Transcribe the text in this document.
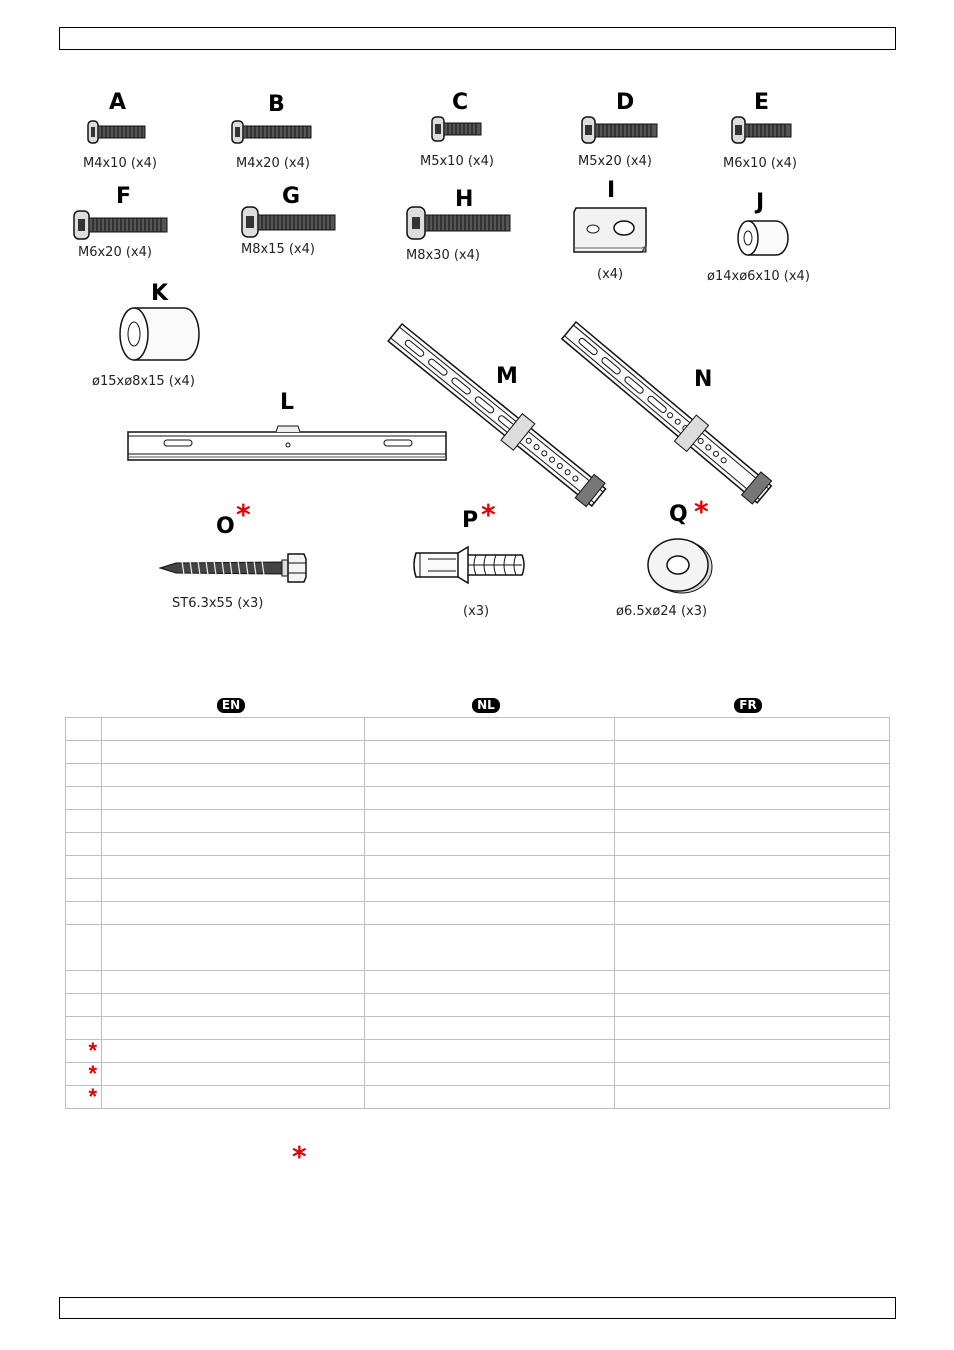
A
M4x10 (x4)
B
M4x20 (x4)
C
M5x10 (x4)
D
M5x20 (x4)
E
M6x10 (x4)
F
M6x20 (x4)
G
M8x15 (x4)
H
M8x30 (x4)
I
(x4)
J
ø14xø6x10 (x4)
K
ø15xø8x15 (x4)
L
M	N
O *
ST6.3x55 (x3)
P *
(x3)
Q *
ø6.5xø24 (x3)
EN	NL	FR

*			
*			
*			
*
